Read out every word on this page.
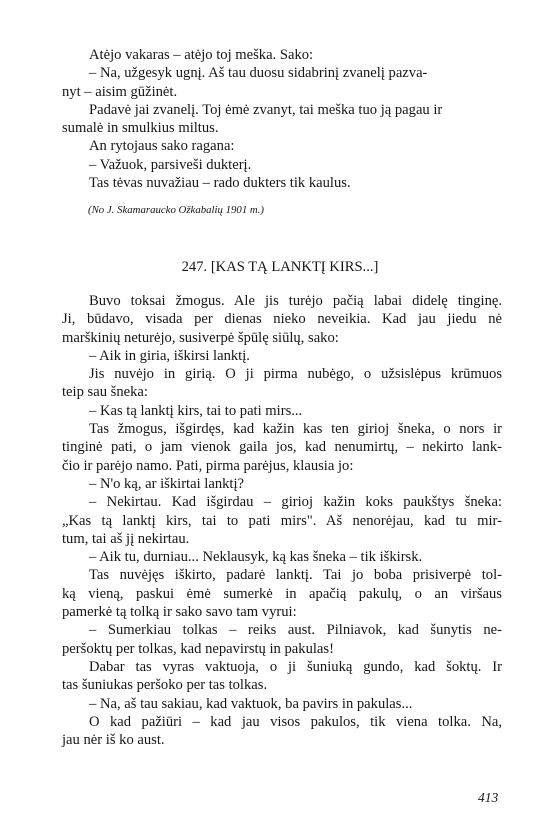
Atėjo vakaras – atėjo toj meška. Sako:
– Na, užgesyk ugnį. Aš tau duosu sidabrinį zvanelį pazva-
nyt – aisim gūžinėt.
Padavė jai zvanelį. Toj ėmė zvanyt, tai meška tuo ją pagau ir
sumalė in smulkius miltus.
An rytojaus sako ragana:
– Važuok, parsiveši dukterį.
Tas tėvas nuvažiau – rado dukters tik kaulus.
(No J. Skamaraucko Ožkabalių 1901 m.)
247. [KAS TĄ LANKTĮ KIRS...]
Buvo toksai žmogus. Ale jis turėjo pačią labai didelę tinginę.
Ji, būdavo, visada per dienas nieko neveikia. Kad jau jiedu nė
marškinių neturėjo, susiverpė špūlę siūlų, sako:
– Aik in giria, iškirsi lanktį.
Jis nuvėjo in girią. O ji pirma nubėgo, o užsislėpus krūmuos
teip sau šneka:
– Kas tą lanktį kirs, tai to pati mirs...
Tas žmogus, išgirdęs, kad kažin kas ten girioj šneka, o nors ir
tinginė pati, o jam vienok gaila jos, kad nenumirtų, – nekirto lank-
čio ir parėjo namo. Pati, pirma parėjus, klausia jo:
– N'o ką, ar iškirtai lanktį?
– Nekirtau. Kad išgirdau – girioj kažin koks paukštys šneka:
„Kas tą lanktį kirs, tai to pati mirs". Aš nenorėjau, kad tu mir-
tum, tai aš jį nekirtau.
– Aik tu, durniau... Neklausyk, ką kas šneka – tik iškirsk.
Tas nuvėjęs iškirto, padarė lanktį. Tai jo boba prisiverpė tol-
ką vieną, paskui ėmė sumerkė in apačią pakulų, o an viršaus
pamerkė tą tolką ir sako savo tam vyrui:
– Sumerkiau tolkas – reiks aust. Pilniavok, kad šunytis ne-
peršoktų per tolkas, kad nepavirstų in pakulas!
Dabar tas vyras vaktuoja, o ji šuniuką gundo, kad šoktų. Ir
tas šuniukas peršoko per tas tolkas.
– Na, aš tau sakiau, kad vaktuok, ba pavirs in pakulas...
O kad pažiūri – kad jau visos pakulos, tik viena tolka. Na,
jau nėr iš ko aust.
413
